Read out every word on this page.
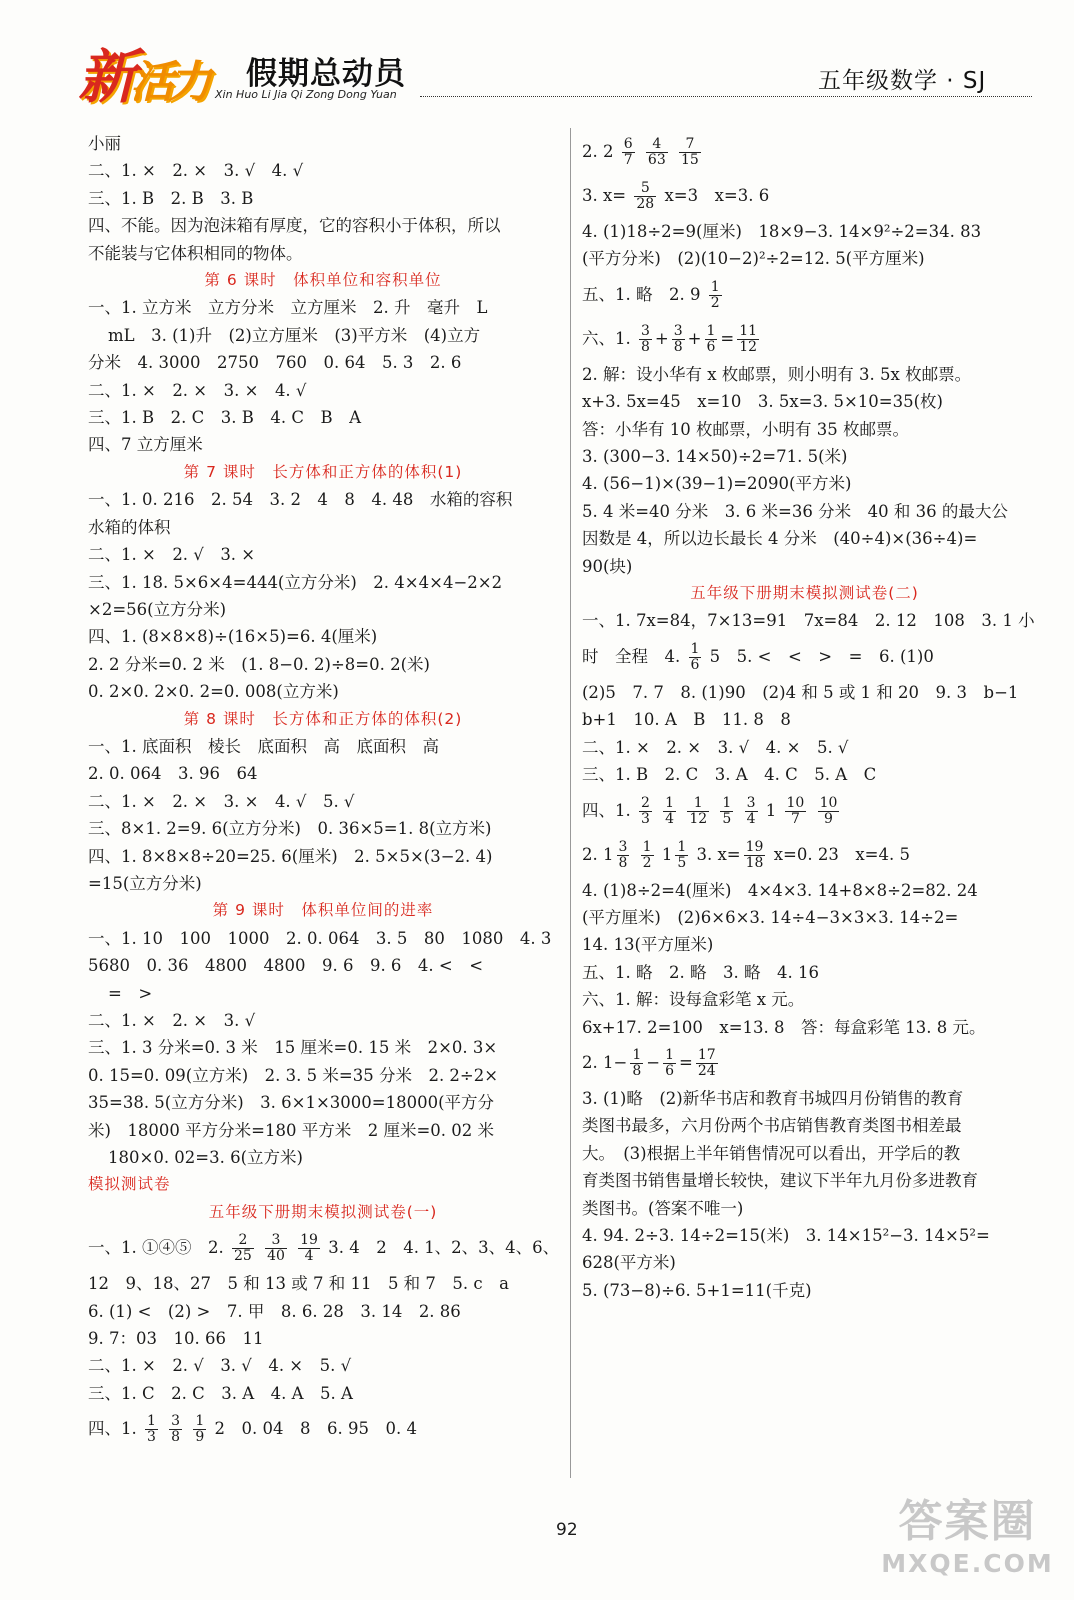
新活力 假期总动员
Xin Huo Li Jia Qi Zong Dong Yuan
五年级数学 · SJ
小丽
二、1. ×　2. ×　3. √　4. √
三、1. B　2. B　3. B
四、不能。因为泡沫箱有厚度，它的容积小于体积，所以
不能装与它体积相同的物体。
第 6 课时　体积单位和容积单位
一、1. 立方米　立方分米　立方厘米　2. 升　毫升　L
mL　3. (1)升　(2)立方厘米　(3)平方米　(4)立方
分米　4. 3000　2750　760　0. 64　5. 3　2. 6
二、1. ×　2. ×　3. ×　4. √
三、1. B　2. C　3. B　4. C　B　A
四、7 立方厘米
第 7 课时　长方体和正方体的体积(1)
一、1. 0. 216　2. 54　3. 2　4　8　4. 48　水箱的容积
水箱的体积
二、1. ×　2. √　3. ×
三、1. 18. 5×6×4=444(立方分米)　2. 4×4×4−2×2
×2=56(立方分米)
四、1. (8×8×8)÷(16×5)=6. 4(厘米)
2. 2 分米=0. 2 米　(1. 8−0. 2)÷8=0. 2(米)
0. 2×0. 2×0. 2=0. 008(立方米)
第 8 课时　长方体和正方体的体积(2)
一、1. 底面积　棱长　底面积　高　底面积　高
2. 0. 064　3. 96　64
二、1. ×　2. ×　3. ×　4. √　5. √
三、8×1. 2=9. 6(立方分米)　0. 36×5=1. 8(立方米)
四、1. 8×8×8÷20=25. 6(厘米)　2. 5×5×(3−2. 4)
=15(立方分米)
第 9 课时　体积单位间的进率
一、1. 10　100　1000　2. 0. 064　3. 5　80　1080　4. 3
5680　0. 36　4800　4800　9. 6　9. 6　4. <　<
=　>
二、1. ×　2. ×　3. √
三、1. 3 分米=0. 3 米　15 厘米=0. 15 米　2×0. 3×
0. 15=0. 09(立方米)　2. 3. 5 米=35 分米　2. 2÷2×
35=38. 5(立方分米)　3. 6×1×3000=18000(平方分
米)　18000 平方分米=180 平方米　2 厘米=0. 02 米
180×0. 02=3. 6(立方米)
模拟测试卷
五年级下册期末模拟测试卷(一)
一、1. ①④⑤　2. $\frac{2}{25}$
$\frac{3}{40}$
$\frac{19}{4} 3$. 4　2　4. 1、2、3、4、6、
12　9、18、27　5 和 13 或 7 和 11　5 和 7　5. c　a
6. (1) <　(2) >　7. 甲　8. 6. 28　3. 14　2. 86
9. 7：03　10. 66　11
二、1. ×　2. √　3. √　4. ×　5. √
三、1. C　2. C　3. A　4. A　5. A
四、1. $\frac{1}{3}$
$\frac{3}{8}$
$\frac{1}{9} 2$　0. 04　8　6. 95　0. 4
2. $2 \frac{6}{7}$
$\frac{4}{63}$
$\frac{7}{15}$
3. $x= \frac{5}{28} x=3$　x=3. 6
4. (1)18÷2=9(厘米)　18×9−3. 14×9²÷2=34. 83
(平方分米)　(2)(10−2)²÷2=12. 5(平方厘米)
五、1. 略　2. $9 \frac{1}{2}$
六、1. $\frac{3}{8} + \frac{3}{8} + \frac{1}{6} = \frac{11}{12}$
2. 解：设小华有 x 枚邮票，则小明有 3. 5x 枚邮票。
x+3. 5x=45　x=10　3. 5x=3. 5×10=35(枚)
答：小华有 10 枚邮票，小明有 35 枚邮票。
3. (300−3. 14×50)÷2=71. 5(米)
4. (56−1)×(39−1)=2090(平方米)
5. 4 米=40 分米　3. 6 米=36 分米　40 和 36 的最大公
因数是 4，所以边长最长 4 分米　(40÷4)×(36÷4)=
90(块)
五年级下册期末模拟测试卷(二)
一、1. 7x=84，7×13=91　7x=84　2. 12　108　3. 1 小
时　全程　4. $\frac{1}{6} 5$　5. <　<　>　=　6. (1)0
(2)5　7. 7　8. (1)90　(2)4 和 5 或 1 和 20　9. 3　b−1
b+1　10. A　B　11. 8　8
二、1. ×　2. ×　3. √　4. ×　5. √
三、1. B　2. C　3. A　4. C　5. A　C
四、1. $\frac{2}{3}$
$\frac{1}{4}$
$\frac{1}{12}$
$\frac{1}{5}$
$\frac{3}{4} 1 \frac{10}{7}$
$\frac{10}{9}$
2. $1 \frac{3}{8}$
$\frac{1}{2} 1 \frac{1}{5} 3$. $x= \frac{19}{18} x=0$. 23　x=4. 5
4. (1)8÷2=4(厘米)　4×4×3. 14+8×8÷2=82. 24
(平方厘米)　(2)6×6×3. 14÷4−3×3×3. 14÷2=
14. 13(平方厘米)
五、1. 略　2. 略　3. 略　4. 16
六、1. 解：设每盒彩笔 x 元。
6x+17. 2=100　x=13. 8　答：每盒彩笔 13. 8 元。
2. $1- \frac{1}{8} - \frac{1}{6} = \frac{17}{24}$
3. (1)略　(2)新华书店和教育书城四月份销售的教育
类图书最多，六月份两个书店销售教育类图书相差最
大。　(3)根据上半年销售情况可以看出，开学后的教
育类图书销售量增长较快，建议下半年九月份多进教育
类图书。(答案不唯一)
4. 94. 2÷3. 14÷2=15(米)　3. 14×15²−3. 14×5²=
628(平方米)
5. (73−8)÷6. 5+1=11(千克)
92	答案圈
MXQE.COM
